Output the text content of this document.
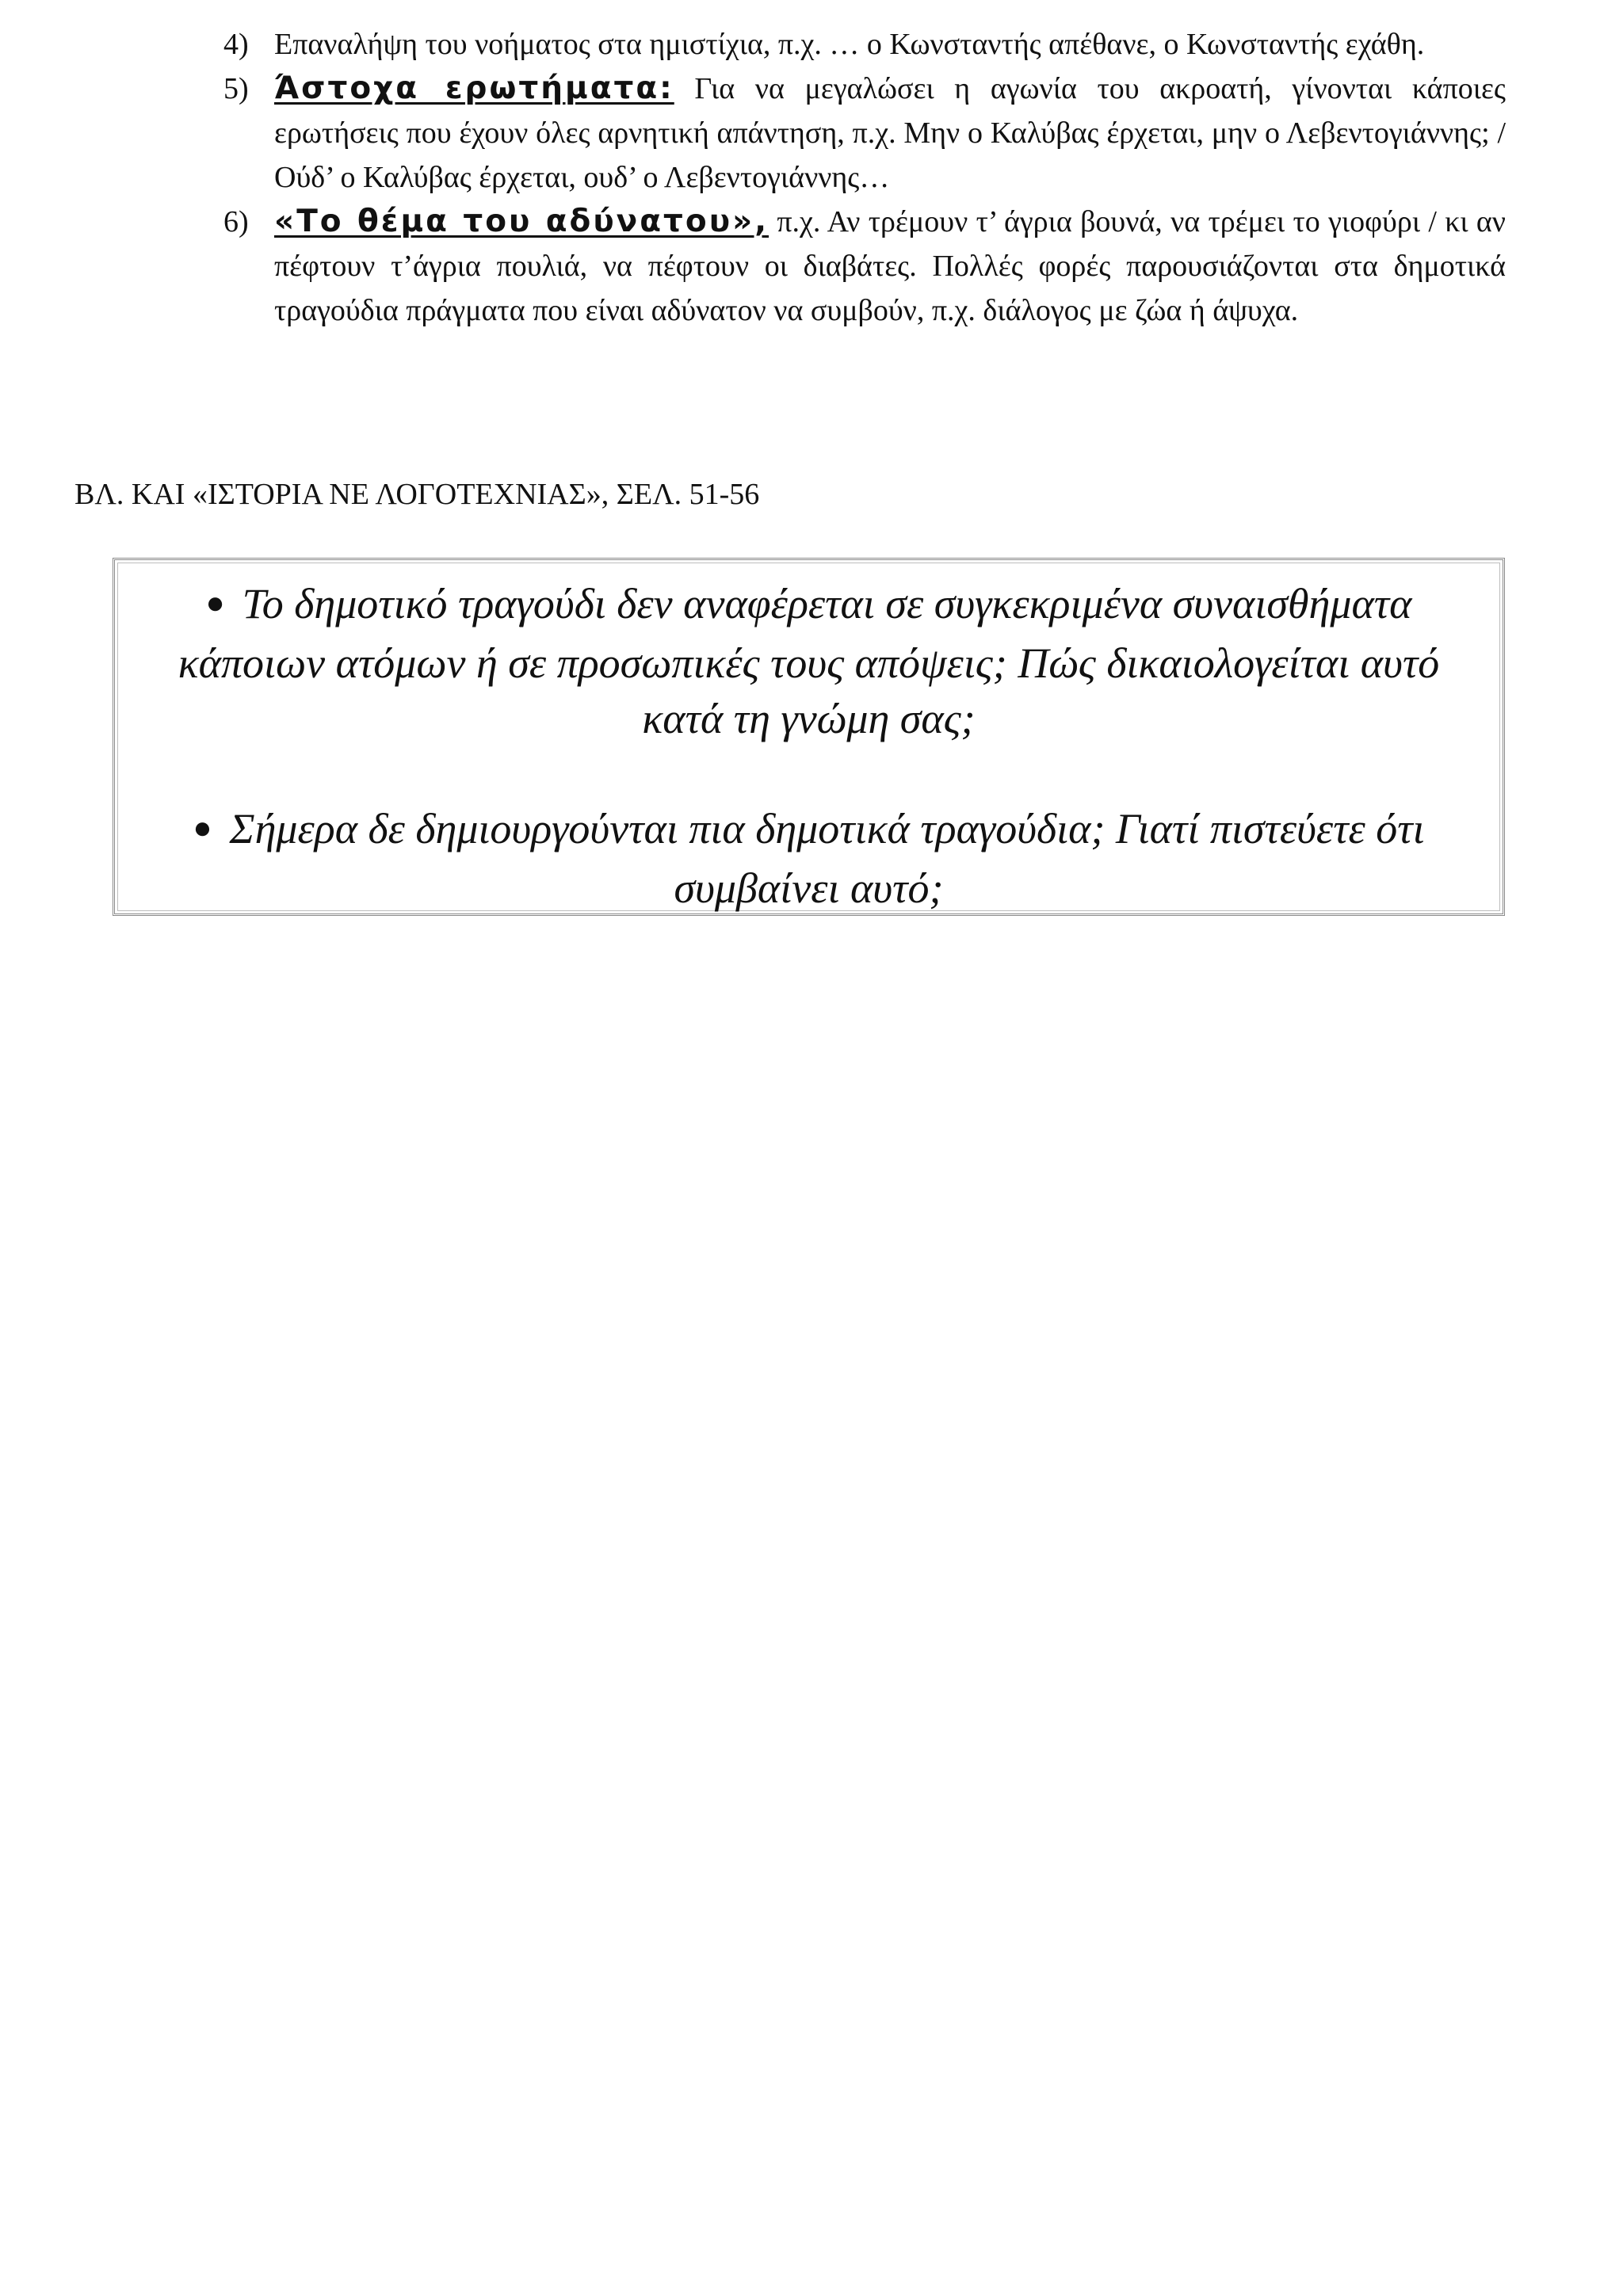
4) Επαναλήψη του νοήματος στα ημιστίχια, π.χ. … ο Κωνσταντής απέθανε, ο Κωνσταντής εχάθη.
5) Άστοχα ερωτήματα: Για να μεγαλώσει η αγωνία του ακροατή, γίνονται κάποιες ερωτήσεις που έχουν όλες αρνητική απάντηση, π.χ. Μην ο Καλύβας έρχεται, μην ο Λεβεντογιάννης; / Ούδ’ ο Καλύβας έρχεται, ουδ’ ο Λεβεντογιάννης…
6) «Το θέμα του αδύνατου», π.χ. Αν τρέμουν τ’ άγρια βουνά, να τρέμει το γιοφύρι / κι αν πέφτουν τ’άγρια πουλιά, να πέφτουν οι διαβάτες. Πολλές φορές παρουσιάζονται στα δημοτικά τραγούδια πράγματα που είναι αδύνατον να συμβούν, π.χ. διάλογος με ζώα ή άψυχα.
ΒΛ. ΚΑΙ «ΙΣΤΟΡΙΑ ΝΕ ΛΟΓΟΤΕΧΝΙΑΣ», ΣΕΛ. 51-56

● Το δημοτικό τραγούδι δεν αναφέρεται σε συγκεκριμένα συναισθήματα κάποιων ατόμων ή σε προσωπικές τους απόψεις; Πώς δικαιολογείται αυτό κατά τη γνώμη σας;

● Σήμερα δε δημιουργούνται πια δημοτικά τραγούδια; Γιατί πιστεύετε ότι συμβαίνει αυτό;
